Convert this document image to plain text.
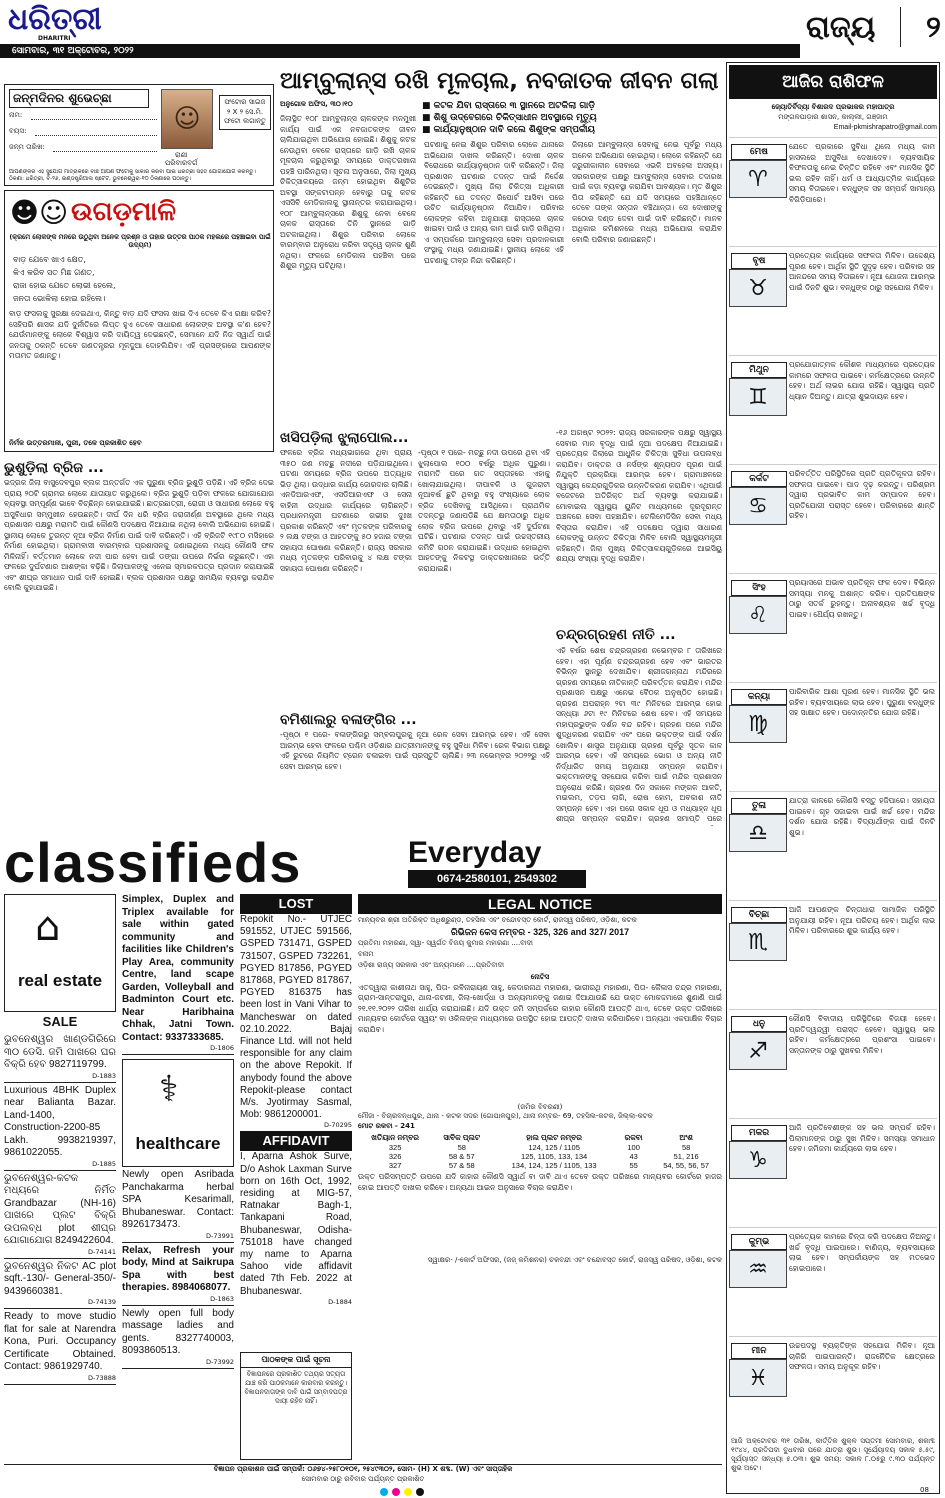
ଧରିତ୍ରୀ
DHARITRI	ରାଜ୍ୟ ୨
ସୋମବାର, ୩୧ ଅକ୍ଟୋବର, ୨୦୨୨
ଜନ୍ମଦିନର ଶୁଭେଚ୍ଛା
ନାମ:
ବୟସ:
ଜନ୍ମ ତାରିଖ:
☺
ରାଣୀ
ପରିବାରବର୍ଗ
ଫଟୋର ସାଇଜ ୨ X ୨ ସେ.ମି. ଫଟୋ ଲଗାନ୍ତୁ
ଆପଣଙ୍କର ଏହି ସୁଯୋଗ ମାତ୍ରାକରେ ବାଛି ଆପଣ ଫଟୋକୁ ସାକାର କରିବା ପାଇଁ ଧରିତ୍ରୀ ସହିତ ଯୋଗାଯୋଗ କରନ୍ତୁ। ଠିକଣା: ଧରିତ୍ରୀ, ବି-୨୬, ଇଣ୍ଡଷ୍ଟ୍ରିଆଲ ଷ୍ଟେଟ, ଭୁବନେଶ୍ୱର-୧୦ ଠିକଣାରେ ପଠାନ୍ତୁ।
☻☺ ଉଗଡ଼ମାଳି
(କ୍ରମେ ଲୋକଙ୍କ ମନରେ ଉଠୁଥିବା ଅନେକ ପ୍ରଶ୍ନ ଓ ତାହାର ଉତ୍ତର ପାଠକ ମହଲରେ ପହଞ୍ଚାଇବା ପାଇଁ ଉଦ୍ୟମ)
ବାଡ଼ ଯେବେ ଖାଏ କ୍ଷେତ,
କିଏ କରିବ ସତ ମିଛ ଗଣତ,
ରାଜା ହୋଇ ଯେତେ ଲୋଭୀ ହେଲେ,
ଜନତା ଭୋକିଲା ହୋଇ ରହିଲେ।
ବାଡ଼ ଫସଲକୁ ସୁରକ୍ଷା ଦେଇଥାଏ, କିନ୍ତୁ ବାଡ଼ ଯଦି ଫସଲ ଖାଇ ଦିଏ ତେବେ କିଏ ରକ୍ଷା କରିବ? ସେହିପରି ଶାସକ ଯଦି ଦୁର୍ନୀତିରେ ଲିପ୍ତ ହୁଏ ତେବେ ସାଧାରଣ ଲୋକଙ୍କ ଅବସ୍ଥା କ'ଣ ହେବ? ଯେଉଁମାନଙ୍କୁ ଲୋକେ ବିଶ୍ୱାସ କରି ଦାୟିତ୍ୱ ଦେଇଛନ୍ତି, ସେମାନେ ଯଦି ନିଜ ସ୍ୱାର୍ଥ ପାଇଁ ଜନତାକୁ ଠକନ୍ତି ତେବେ ଗଣତନ୍ତ୍ରର ମୂଳଦୁଆ ଦୋହଲିଯିବ। ଏହି ପ୍ରସଙ୍ଗରେ ଆପଣଙ୍କ ମତାମତ ଜଣାନ୍ତୁ।
ନିର୍ମଳ ଉତ୍ତରମାଳୀ, ପୁରୀ, ତଳେ ପ୍ରକାଶିତ ହେବ
ଭୁଶୁଡ଼ିଲା ବ୍ରିଜ ...
ଭଦ୍ରକ ଜିଲା ବାସୁଦେବପୁର ବ୍ଲକ ଅନ୍ତର୍ଗତ ଏକ ପୁରୁଣା ବ୍ରିଜ ଭୁଶୁଡ଼ି ପଡ଼ିଛି। ଏହି ବ୍ରିଜ ଦେଇ ପ୍ରାୟ ୨୦ଟି ଗ୍ରାମର ଲୋକେ ଯାତାୟାତ କରୁଥିଲେ। ବ୍ରିଜ ଭୁଶୁଡ଼ି ପଡ଼ିବା ଫଳରେ ଯୋଗାଯୋଗ ବ୍ୟବସ୍ଥା ସମ୍ପୂର୍ଣ୍ଣ ଭାବେ ବିଚ୍ଛିନ୍ନ ହୋଇଯାଇଛି। ଛାତ୍ରଛାତ୍ରୀ, ରୋଗୀ ଓ ସାଧାରଣ ଲୋକେ ବହୁ ଅସୁବିଧାର ସମ୍ମୁଖୀନ ହେଉଛନ୍ତି। ଦୀର୍ଘ ଦିନ ଧରି ବ୍ରିଜ ଜରାଜୀର୍ଣ୍ଣ ଅବସ୍ଥାରେ ଥିଲେ ମଧ୍ୟ ପ୍ରଶାସନ ପକ୍ଷରୁ ମରାମତି ପାଇଁ କୌଣସି ପଦକ୍ଷେପ ନିଆଯାଇ ନଥିଲା ବୋଲି ଅଭିଯୋଗ ହୋଇଛି। ସ୍ଥାନୀୟ ଲୋକେ ତୁରନ୍ତ ନୂଆ ବ୍ରିଜ ନିର୍ମାଣ ପାଇଁ ଦାବି କରିଛନ୍ତି। ଏହି ବ୍ରିଜଟି ୧୯୮୦ ମସିହାରେ ନିର୍ମାଣ ହୋଇଥିଲା। ଗ୍ରାମବାସୀ ବାରମ୍ବାର ପ୍ରଶାସନକୁ ଜଣାଇଥିଲେ ମଧ୍ୟ କୌଣସି ଫଳ ମିଳିନାହିଁ। ବର୍ତ୍ତମାନ ଲୋକେ ନଦୀ ପାର ହେବା ପାଇଁ ଡଙ୍ଗା ଉପରେ ନିର୍ଭର କରୁଛନ୍ତି। ଏହା ଫଳରେ ଦୁର୍ଘଟଣାର ଆଶଙ୍କା ବଢ଼ିଛି। ଜିଲାପାଳଙ୍କୁ ଏନେଇ ସ୍ମାରକପତ୍ର ପ୍ରଦାନ କରାଯାଇଛି ଏବଂ ଶୀଘ୍ର ସମାଧାନ ପାଇଁ ଦାବି ହୋଇଛି। ବ୍ଲକ ପ୍ରଶାସନ ପକ୍ଷରୁ ସାମୟିକ ବ୍ୟବସ୍ଥା କରାଯିବ ବୋଲି କୁହାଯାଇଛି।
ଆମ୍ବୁଲାନ୍ସ ରଖି ମୂଳଚାଲ, ନବଜାତକ ଜୀବନ ଗଲା
ଅନୁଗୋଳ ଅଫିସ, ୩୦।୧୦	■ କଟକ ଯିବା ରାସ୍ତାରେ ୩ ସ୍ଥାନରେ ଅଟକିଲା ଗାଡ଼ି
■ ଶିଶୁ ଉଦ୍‌ବେଗରେ ଚିକିତ୍ସାଧୀନ ଅବସ୍ଥାରେ ମୃତ୍ୟୁ
■ କାର୍ଯ୍ୟାନୁଷ୍ଠାନ ଦାବି କଲେ ଶିଶୁଙ୍କ ସମ୍ପର୍କୀୟ
ଜିଲାସ୍ଥିତ ୧୦୮ ଆମ୍ବୁଲାନ୍ସ ଚାଳକଙ୍କ ମନମୁଖୀ କାର୍ଯ୍ୟ ପାଇଁ ଏକ ନବଜାତକଙ୍କ ଜୀବନ ଚାଲିଯାଇଥିବା ଅଭିଯୋଗ ହୋଇଛି। ଶିଶୁକୁ କଟକ ନେଉଥିବା ବେଳେ ରାସ୍ତାରେ ଗାଡ଼ି ରଖି ଚାଳକ ମୂଳଚାଲ କରୁଥିବାରୁ ସମୟରେ ଡାକ୍ତରଖାନା ପହଞ୍ଚି ପାରିନଥିଲା। ସୂଚନା ଅନୁସାରେ, ଜିଲା ମୁଖ୍ୟ ଚିକିତ୍ସାଳୟରେ ଜନ୍ମ ହୋଇଥିବା ଶିଶୁଟିର ଅବସ୍ଥା ସଙ୍କଟାପନ୍ନ ହେବାରୁ ତାକୁ କଟକ ଏସସିବି ମେଡିକାଲକୁ ସ୍ଥାନାନ୍ତର କରାଯାଇଥିଲା। ୧୦୮ ଆମ୍ବୁଲାନ୍ସରେ ଶିଶୁକୁ ନେବା ବେଳେ ଚାଳକ ରାସ୍ତାରେ ତିନି ସ୍ଥାନରେ ଗାଡ଼ି ଅଟକାଇଥିଲା। ଶିଶୁର ପରିବାର ଲୋକେ ବାରମ୍ବାର ଅନୁରୋଧ କରିବା ସତ୍ତ୍ୱେ ଚାଳକ ଶୁଣି ନଥିଲା। ଫଳରେ ମେଡିକାଲ ପହଞ୍ଚିବା ପରେ ଶିଶୁର ମୃତ୍ୟୁ ଘଟିଥିଲା।
ଘଟଣାକୁ ନେଇ ଶିଶୁର ପରିବାର ଲୋକେ ଥାନାରେ ଅଭିଯୋଗ ଦାଖଲ କରିଛନ୍ତି। ଦୋଷୀ ଚାଳକ ବିରୋଧରେ କାର୍ଯ୍ୟାନୁଷ୍ଠାନ ଦାବି କରିଛନ୍ତି। ଜିଲା ପ୍ରଶାସନ ଘଟଣାର ତଦନ୍ତ ପାଇଁ ନିର୍ଦ୍ଦେଶ ଦେଇଛନ୍ତି। ମୁଖ୍ୟ ଜିଲା ଚିକିତ୍ସା ଅଧିକାରୀ କହିଛନ୍ତି ଯେ ତଦନ୍ତ ରିପୋର୍ଟ ଆସିବା ପରେ ଉଚିତ କାର୍ଯ୍ୟାନୁଷ୍ଠାନ ନିଆଯିବ। ପରିବାର ଲୋକଙ୍କ କହିବା ଅନୁଯାୟୀ ରାସ୍ତାରେ ଚାଳକ ଖାଇବା ପାଇଁ ଓ ଅନ୍ୟ କାମ ପାଇଁ ଗାଡ଼ି ରଖିଥିଲା। ଏ ସମ୍ପର୍କରେ ଆମ୍ବୁଲାନ୍ସ ସେବା ପ୍ରଦାନକାରୀ ସଂସ୍ଥାକୁ ମଧ୍ୟ ଜଣାଯାଇଛି। ସ୍ଥାନୀୟ ଲୋକେ ଏହି ଘଟଣାକୁ ତୀବ୍ର ନିନ୍ଦା କରିଛନ୍ତି।
ଜିଲାରେ ଆମ୍ବୁଲାନ୍ସ ସେବାକୁ ନେଇ ପୂର୍ବରୁ ମଧ୍ୟ ଅନେକ ଅଭିଯୋଗ ହୋଇଥିଲା। ଲୋକେ କହିଛନ୍ତି ଯେ ଜରୁରୀକାଳୀନ ସେବାରେ ଏଭଳି ଅବହେଳା ଅସହ୍ୟ। ସରକାରଙ୍କ ପକ୍ଷରୁ ଆମ୍ବୁଲାନ୍ସ ସେବାର ତଦାରଖ ପାଇଁ କଡ଼ା ବ୍ୟବସ୍ଥା କରାଯିବା ଆବଶ୍ୟକ। ମୃତ ଶିଶୁର ପିତା କହିଛନ୍ତି ଯେ ଯଦି ସମୟରେ ପହଞ୍ଚିଥାନ୍ତେ ତେବେ ତାଙ୍କ ସନ୍ତାନ ବଞ୍ଚିଥାନ୍ତା। ସେ ଦୋଷୀଙ୍କୁ କଠୋର ଦଣ୍ଡ ଦେବା ପାଇଁ ଦାବି କରିଛନ୍ତି। ମାନବ ଅଧିକାର କମିଶନରେ ମଧ୍ୟ ଅଭିଯୋଗ କରାଯିବ ବୋଲି ପରିବାର ଜଣାଇଛନ୍ତି।
ଖସିପଡ଼ିଲା ଝୁଲାପୋଲ...
ଫଳରେ ବ୍ରିଜ ମଧ୍ୟଭାଗରେ ଥିବା ପ୍ରାୟ ୩୫୦ ଜଣ ମଚ୍ଛୁ ନଦୀରେ ପଡ଼ିଯାଇଥିଲେ। ଘଟଣା ସମୟରେ ବ୍ରିଜ ଉପରେ ଅତ୍ୟଧିକ ଭିଡ଼ ଥିଲା। ଉଦ୍ଧାର କାର୍ଯ୍ୟ ଜୋରଦାର ଚାଲିଛି। ଏନଡିଆରଏଫ, ଏସଡିଆରଏଫ ଓ ସେନା ବାହିନୀ ଉଦ୍ଧାର କାର୍ଯ୍ୟରେ ଲାଗିଛନ୍ତି। ପ୍ରଧାନମନ୍ତ୍ରୀ ଘଟଣାରେ ଗଭୀର ଦୁଃଖ ପ୍ରକାଶ କରିଛନ୍ତି ଏବଂ ମୃତକଙ୍କ ପରିବାରକୁ ୨ ଲକ୍ଷ ଟଙ୍କା ଓ ଆହତଙ୍କୁ ୫୦ ହଜାର ଟଙ୍କା ସହାୟତା ଘୋଷଣା କରିଛନ୍ତି। ରାଜ୍ୟ ସରକାର ମଧ୍ୟ ମୃତକଙ୍କ ପରିବାରକୁ ୪ ଲକ୍ଷ ଟଙ୍କା ସହାୟତା ଘୋଷଣା କରିଛନ୍ତି।
-ପୃଷ୍ଠା ୧ ପରେ- ମଚ୍ଛୁ ନଦୀ ଉପରେ ଥିବା ଏହି ଝୁଲାପୋଲ ୧୦୦ ବର୍ଷରୁ ଅଧିକ ପୁରୁଣା। ମରାମତି ପରେ ଗତ ସପ୍ତାହରେ ଏହାକୁ ଖୋଲାଯାଇଥିଲା। ଦୀପାବଳି ଓ ଗୁଜରାଟୀ ନୂଆବର୍ଷ ଛୁଟି ଥିବାରୁ ବହୁ ସଂଖ୍ୟାରେ ଲୋକ ବ୍ରିଜ ଦେଖିବାକୁ ଆସିଥିଲେ। ପ୍ରାଥମିକ ତଦନ୍ତରୁ ଜଣାପଡ଼ିଛି ଯେ କ୍ଷମତାଠାରୁ ଅଧିକ ଲୋକ ବ୍ରିଜ ଉପରେ ଥିବାରୁ ଏହି ଦୁର୍ଘଟଣା ଘଟିଛି। ଘଟଣାର ତଦନ୍ତ ପାଇଁ ଉଚ୍ଚସ୍ତରୀୟ କମିଟି ଗଠନ କରାଯାଇଛି। ଉଦ୍ଧାର ହୋଇଥିବା ଆହତଙ୍କୁ ନିକଟସ୍ଥ ଡାକ୍ତରଖାନାରେ ଭର୍ତ୍ତି କରାଯାଇଛି।
ବମିଶାଲରୁ ବଳାଙ୍ଗିର ...
-ପୃଷ୍ଠା ୧ ପରେ- ବଳାଙ୍ଗିରରୁ ସମ୍ବଲପୁରକୁ ନୂଆ ରେଳ ସେବା ଆରମ୍ଭ ହେବ। ଏହି ସେବା ଆରମ୍ଭ ହେବା ଫଳରେ ପଶ୍ଚିମ ଓଡ଼ିଶାର ଯାତ୍ରୀମାନଙ୍କୁ ବହୁ ସୁବିଧା ମିଳିବ। ରେଳ ବିଭାଗ ପକ୍ଷରୁ ଏହି ରୁଟରେ ନିୟମିତ ଟ୍ରେନ ଚଳାଇବା ପାଇଁ ପ୍ରସ୍ତୁତି ଚାଲିଛି। ୨୩ ନଭେମ୍ବର ୨୦୨୨ରୁ ଏହି ସେବା ଆରମ୍ଭ ହେବ।
-୧୬ ଅଗଷ୍ଟ ୨୦୨୨: ରାଜ୍ୟ ସରକାରଙ୍କ ପକ୍ଷରୁ ସ୍ୱାସ୍ଥ୍ୟ ସେବାର ମାନ ବୃଦ୍ଧି ପାଇଁ ନୂଆ ପଦକ୍ଷେପ ନିଆଯାଇଛି। ପ୍ରତ୍ୟେକ ଜିଲାରେ ଆଧୁନିକ ଚିକିତ୍ସା ସୁବିଧା ଉପଲବ୍ଧ କରାଯିବ। ଡାକ୍ତର ଓ ନର୍ସଙ୍କ ଶୂନ୍ୟପଦ ପୂରଣ ପାଇଁ ନିଯୁକ୍ତି ପ୍ରକ୍ରିୟା ଆରମ୍ଭ ହେବ। ଗ୍ରାମାଞ୍ଚଳରେ ସ୍ୱାସ୍ଥ୍ୟ କେନ୍ଦ୍ରଗୁଡ଼ିକର ଉନ୍ନତିକରଣ କରାଯିବ। ଏଥିପାଇଁ ବଜେଟରେ ଅତିରିକ୍ତ ଅର୍ଥ ବ୍ୟବସ୍ଥା କରାଯାଇଛି। ମୋବାଇଲ ସ୍ୱାସ୍ଥ୍ୟ ୟୁନିଟ ମାଧ୍ୟମରେ ଦୂରଦୂରାନ୍ତ ଅଞ୍ଚଳରେ ସେବା ପହଞ୍ଚାଯିବ। ଟେଲିମେଡିସିନ ସେବା ମଧ୍ୟ ବିସ୍ତାର କରାଯିବ। ଏହି ପଦକ୍ଷେପ ଦ୍ୱାରା ସାଧାରଣ ଲୋକଙ୍କୁ ଉନ୍ନତ ଚିକିତ୍ସା ମିଳିବ ବୋଲି ସ୍ୱାସ୍ଥ୍ୟମନ୍ତ୍ରୀ କହିଛନ୍ତି। ଜିଲା ମୁଖ୍ୟ ଚିକିତ୍ସାଳୟଗୁଡ଼ିକରେ ଆଇସିୟୁ ଶଯ୍ୟା ସଂଖ୍ୟା ବୃଦ୍ଧି କରାଯିବ।
ଚନ୍ଦ୍ରଗ୍ରହଣ ନୀତି ...
ଏହି ବର୍ଷର ଶେଷ ଚନ୍ଦ୍ରଗ୍ରହଣ ନଭେମ୍ବର ୮ ତାରିଖରେ ହେବ। ଏହା ପୂର୍ଣ୍ଣ ଚନ୍ଦ୍ରଗ୍ରହଣ ହେବ ଏବଂ ଭାରତର ବିଭିନ୍ନ ସ୍ଥାନରୁ ଦେଖାଯିବ। ଶ୍ରୀଜଗନ୍ନାଥ ମନ୍ଦିରରେ ଗ୍ରହଣ ସମୟରେ ନୀତିକାନ୍ତି ପରିବର୍ତ୍ତନ କରାଯିବ। ମନ୍ଦିର ପ୍ରଶାସନ ପକ୍ଷରୁ ଏନେଇ ବୈଠକ ଅନୁଷ୍ଠିତ ହୋଇଛି। ଗ୍ରହଣ ଅପରାହ୍ନ ୨ଟା ୩୯ ମିନିଟରେ ଆରମ୍ଭ ହୋଇ ସନ୍ଧ୍ୟା ୬ଟା ୧୯ ମିନିଟରେ ଶେଷ ହେବ। ଏହି ସମୟରେ ମହାପ୍ରଭୁଙ୍କ ଦର୍ଶନ ବନ୍ଦ ରହିବ। ଗ୍ରହଣ ପରେ ମନ୍ଦିର ଶୁଦ୍ଧିକରଣ କରାଯିବ ଏବଂ ପରେ ଭକ୍ତଙ୍କ ପାଇଁ ଦର୍ଶନ ଖୋଲିବ। ଶାସ୍ତ୍ର ଅନୁଯାୟୀ ଗ୍ରହଣ ପୂର୍ବରୁ ସୂତକ କାଳ ଆରମ୍ଭ ହେବ। ଏହି ସମୟରେ ଭୋଗ ଓ ଅନ୍ୟ ନୀତି ନିର୍ଦ୍ଧାରିତ ସମୟ ଅନୁଯାୟୀ ସମ୍ପନ୍ନ କରାଯିବ। ଭକ୍ତମାନଙ୍କୁ ସହଯୋଗ କରିବା ପାଇଁ ମନ୍ଦିର ପ୍ରଶାସନ ଅନୁରୋଧ କରିଛି। ଗ୍ରହଣ ଦିନ ସକାଳେ ମଙ୍ଗଳ ଆଳତି, ମଇଲମ, ତଡ଼ପ ଲାଗି, ରୋଷ ହୋମ, ଅବକାଶ ନୀତି ସମ୍ପନ୍ନ ହେବ। ଏହା ପରେ ସକାଳ ଧୂପ ଓ ମଧ୍ୟାହ୍ନ ଧୂପ ଶୀଘ୍ର ସମ୍ପନ୍ନ କରାଯିବ। ଗ୍ରହଣ ସମାପ୍ତି ପରେ
ଆଜିର ରାଶିଫଳ
ଜ୍ୟୋତିର୍ବିଦ୍ୟା ବିଶାରଦ ପ୍ରଭାକର ମହାପାତ୍ର
ମଙ୍ଗଳପାଡ଼ାର ଶାସନ, କାଲ୍ଲୀ, ଗଞ୍ଜାମ
Email-pkmishrapatro@gmail.com
ମେଷ
♈
ଯେତେ ପ୍ରକାରେ ସୁବିଧା ଥିଲେ ମଧ୍ୟ କାମ ହାସଲରେ ଅସୁବିଧା ଦେଖାଦେବ। ବ୍ୟବସାୟିକ ବିଫଳତାକୁ ନେଇ ଚିନ୍ତିତ ରହିବେ ଏବଂ ମାନସିକ ସ୍ଥିତି ଭଲ ରହିବ ନାହିଁ। ଧର୍ମ ଓ ଆଧ୍ୟାତ୍ମିକ କାର୍ଯ୍ୟରେ ସମୟ ବିତାଇବେ। ବନ୍ଧୁଙ୍କ ସହ ସମ୍ପର୍କ ସାମାନ୍ୟ ବିଗିଡ଼ିପାରେ।
ବୃଷ
♉
ପ୍ରତ୍ୟେକ କାର୍ଯ୍ୟରେ ସଫଳତା ମିଳିବ। ଉଦ୍ଦେଶ୍ୟ ପୂରଣ ହେବ। ଆର୍ଥିକ ସ୍ଥିତି ସୁଦୃଢ଼ ହେବ। ପରିବାର ସହ ଆନନ୍ଦରେ ସମୟ ବିତାଇବେ। ନୂଆ ଯୋଜନା ଆରମ୍ଭ ପାଇଁ ଦିନଟି ଶୁଭ। ବନ୍ଧୁଙ୍କ ଠାରୁ ସହଯୋଗ ମିଳିବ।
ମିଥୁନ
♊
ପ୍ରଯୋଗାତ୍ମକ କୌଶଳ ମାଧ୍ୟମରେ ପ୍ରତ୍ୟେକ କାମରେ ସଫଳତା ପାଇବେ। କର୍ମକ୍ଷେତ୍ରରେ ଉନ୍ନତି ହେବ। ଅର୍ଥ ଲାଭର ଯୋଗ ରହିଛି। ସ୍ୱାସ୍ଥ୍ୟ ପ୍ରତି ଧ୍ୟାନ ଦିଅନ୍ତୁ। ଯାତ୍ରା ଶୁଭଦାୟକ ହେବ।
କର୍କଟ
♋
ପରିବର୍ତ୍ତିତ ପରିସ୍ଥିତିରେ ପ୍ରତି ପ୍ରତିକୂଳତା ରହିବ। ସଫଳତା ପାଇବେ। ପାଦ ଦୃଢ଼ କରନ୍ତୁ। ପରିଶ୍ରମ ଦ୍ୱାରା ପ୍ରଭାବିତ କାମ ସମ୍ପାଦନ ହେବ। ପ୍ରତିଯୋଗୀ ପରାସ୍ତ ହେବେ। ପରିବାରରେ ଶାନ୍ତି ରହିବ।
ସିଂହ
♌
ପ୍ରୟାସରେ ଅଭାବ ପ୍ରତିକୂଳ ଫଳ ଦେବ। ବିଭିନ୍ନ ସମସ୍ୟା ମନକୁ ଅଶାନ୍ତ କରିବ। ପ୍ରତିପକ୍ଷଙ୍କ ଠାରୁ ସତର୍କ ରୁହନ୍ତୁ। ଅନାବଶ୍ୟକ ଖର୍ଚ୍ଚ ବୃଦ୍ଧି ପାଇବ। ଧୈର୍ଯ୍ୟ ରଖନ୍ତୁ।
କନ୍ୟା
♍
ପାରିବାରିକ ଆଶା ପୂରଣ ହେବ। ମାନସିକ ସ୍ଥିତି ଭଲ ରହିବ। ବ୍ୟବସାୟରେ ଲାଭ ହେବ। ପୁରୁଣା ବନ୍ଧୁଙ୍କ ସହ ସାକ୍ଷାତ ହେବ। ପଦୋନ୍ନତିର ଯୋଗ ରହିଛି।
ତୁଳା
♎
ଯାତ୍ରା କାଳରେ କୌଣସି ବସ୍ତୁ ହଜିପାରେ। ସହାୟତା ପାଇବେ। ଗୃହ ସଜାଇବା ପାଇଁ ଖର୍ଚ୍ଚ ହେବ। ମନ୍ଦିର ଦର୍ଶନ ଯୋଗ ରହିଛି। ବିଦ୍ୟାର୍ଥୀଙ୍କ ପାଇଁ ଦିନଟି ଶୁଭ।
ବିଚ୍ଛା
♏
ଆଜି ଆପଣଙ୍କ ଚିନ୍ତାଧାରା ସାମାଜିକ ପରିସ୍ଥିତି ଅନୁଯାୟୀ ରହିବ। ନୂଆ ପରିଚୟ ହେବ। ଆର୍ଥିକ ଲାଭ ମିଳିବ। ପରିବାରରେ ଶୁଭ କାର୍ଯ୍ୟ ହେବ।
ଧନୁ
♐
କୌଣସି ବିବାଦୀୟ ପରିସ୍ଥିତିରେ ବିଜୟୀ ହେବେ। ପ୍ରତିଦ୍ୱନ୍ଦ୍ୱୀ ପରାସ୍ତ ହେବେ। ସ୍ୱାସ୍ଥ୍ୟ ଭଲ ରହିବ। କର୍ମକ୍ଷେତ୍ରରେ ପ୍ରଶଂସା ପାଇବେ। ସନ୍ତାନଙ୍କ ଠାରୁ ସୁଖବର ମିଳିବ।
ମକର
♑
ଆଜି ପ୍ରତିବେଶୀଙ୍କ ସହ ଭଲ ସମ୍ପର୍କ ରହିବ। ପିଲାମାନଙ୍କ ଠାରୁ ସୁଖ ମିଳିବ। ସମସ୍ୟା ସମାଧାନ ହେବ। ଜମିଜମା କାର୍ଯ୍ୟରେ ଲାଭ ହେବ।
କୁମ୍ଭ
♒
ପ୍ରତ୍ୟେକ କାମରେ ଚିନ୍ତା କରି ପଦକ୍ଷେପ ନିଅନ୍ତୁ। ଖର୍ଚ୍ଚ ବୃଦ୍ଧି ପାଇପାରେ। ବାଣିଜ୍ୟ, ବ୍ୟବସାୟରେ ଲାଭ ହେବ। ସମ୍ପର୍କୀୟଙ୍କ ସହ ମତଭେଦ ହୋଇପାରେ।
ମୀନ
♓
ଉଚ୍ଚପଦସ୍ଥ ବ୍ୟକ୍ତିଙ୍କ ସହଯୋଗ ମିଳିବ। ନୂଆ ଚାକିରି ପାଇପାରନ୍ତି। ରାଜନୈତିକ କ୍ଷେତ୍ରରେ ସଫଳତା। ସମୟ ଅନୁକୂଳ ରହିବ।
ଆଜି ଅକ୍ଟୋବର ୩୧ ତାରିଖ, କାର୍ତ୍ତିକ ଶୁକ୍ଳ ସପ୍ତମୀ ସୋମବାର, ଶକାବ୍ଦ ୧୯୪୪, ପ୍ରତିପଦା ବୁଧବାର ପରେ ଯାତ୍ରା ଶୁଭ। ସୂର୍ଯ୍ୟୋଦୟ ସକାଳ ୫.୫୯, ସୂର୍ଯ୍ୟାସ୍ତ ସନ୍ଧ୍ୟା ୫.୦୩। ଶୁଭ ସମୟ: ସକାଳ ୮.୦୫ରୁ ୯.୩୦ ପର୍ଯ୍ୟନ୍ତ ଶୁଭ ଅଟେ।
classifieds	Everyday
0674-2580101, 2549302
⌂
real estate
SALE
ଭୁବନେଶ୍ୱର ଖାଣ୍ଡଗିରିରେ ୩୦ ଡେସି. ଜମି ପାଖରେ ଘର ବିକ୍ରି ହେବ 9827119799.
D-1883
Luxurious 4BHK Duplex near Balianta Bazar. Land-1400, Construction-2200-85 Lakh. 9938219397, 9861022055.
D-1885
ଭୁବନେଶ୍ୱର-କଟକ ମଧ୍ୟରେ ନିର୍ମିତ Grandbazar (NH-16) ପାଖରେ ପ୍ଲଟ ବିକ୍ରି ଉପଲବ୍ଧ plot ଶୀଘ୍ର ଯୋଗାଯୋଗ 8249422604.
D-74141
ଭୁବନେଶ୍ୱର ନିକଟ AC plot sqft.-130/- General-350/- 9439660381.
D-74139
Ready to move studio flat for sale at Narendra Kona, Puri. Occupancy Certificate Obtained. Contact: 9861929740.
D-73888
Simplex, Duplex and Triplex available for sale within gated community and facilities like Children's Play Area, community Centre, land scape Garden, Volleyball and Badminton Court etc. Near Haribhaina Chhak, Jatni Town. Contact: 9337333685.
D-1806
⚕
healthcare
Newly open Asribada Panchakarma herbal SPA Kesarimall, Bhubaneswar. Contact: 8926173473.
D-73991
Relax, Refresh your body, Mind at Saikrupa Spa with best therapies. 8984068077.
D-1863
Newly open full body massage ladies and gents. 8327740003, 8093860513.
D-73992
LOST
Repokit No.- UTJEC 591552, UTJEC 591566, GSPED 731471, GSPED 731507, GSPED 732261, PGYED 817856, PGYED 817868, PGYED 817867, PGYED 816375 has been lost in Vani Vihar to Mancheswar on dated 02.10.2022. Bajaj Finance Ltd. will not held responsible for any claim on the above Repokit. If anybody found the above Repokit-please contact M/s. Jyotirmay Sasmal, Mob: 9861200001.
D-70295
AFFIDAVIT
I, Aparna Ashok Surve, D/o Ashok Laxman Surve born on 16th Oct, 1992, residing at MIG-57, Ratnakar Bagh-1, Tankapani Road, Bhubaneswar, Odisha-751018 have changed my name to Aparna Sahoo vide affidavit dated 7th Feb. 2022 at Bhubaneswar.
D-1884
ପାଠକଙ୍କ ପାଇଁ ସୂଚନା
ବିଜ୍ଞାପନରେ ପ୍ରକାଶିତ ତଥ୍ୟର ସତ୍ୟତା ଯାଞ୍ଚ କରି ପାଠକମାନେ କାରବାର କରନ୍ତୁ। ବିଜ୍ଞାପନଦାତାଙ୍କ ଦାବି ପାଇଁ ସମ୍ବାଦପତ୍ର ଦାୟୀ ରହିବ ନାହିଁ।
LEGAL NOTICE
ମାନ୍ୟବର ଶ୍ରୀ ଅତିରିକ୍ତ ଅଧିଶ୍ରୁଣ୍ଡ, ତହସିଲ ଏବଂ ବନ୍ଦୋବସ୍ତ କୋର୍ଟ, ରାଜସ୍ୱ ପରିଷଦ, ଓଡ଼ିଶା, କଟକ
ରିଭିଜନ କେସ ନମ୍ବର - 325, 326 and 327/ 2017
ପ୍ରତିମା ମହାରଣା, ସ୍ୱା- ସ୍ୱର୍ଗତ ବିଜୟ କୁମାର ମହାରଣା ....ବାଦୀ
ବନାମ
ଓଡ଼ିଶା ରାଜ୍ୟ ସରକାର ଏବଂ ଅନ୍ୟମାନେ ....ପ୍ରତିବାଦୀ
ନୋଟିସ
ଏତଦ୍ୱାରା କାଶୀନାଥ ସାହୁ, ପିତା- ରବିନାରାୟଣ ସାହୁ, କେଦାରନାଥ ମହାରଣା, ଭାଗୀରଥି ମହାରଣା, ପିତା- କୈଳାସ ଚନ୍ଦ୍ର ମହାରଣା, ଗ୍ରାମ-ସାନ୍ତରାପୁର, ଥାନା-ଜଟଣୀ, ଜିଲା-ଖୋର୍ଦ୍ଧା ଓ ଅନ୍ୟମାନଙ୍କୁ ଜଣାଇ ଦିଆଯାଉଛି ଯେ ଉକ୍ତ ମୋକଦ୍ଦମାରେ ଶୁଣାଣି ପାଇଁ ୨୧.୧୧.୨୦୨୨ ତାରିଖ ଧାର୍ଯ୍ୟ କରାଯାଇଛି। ଯଦି ଉକ୍ତ ଜମି ସମ୍ପର୍କରେ କାହାର କୌଣସି ଆପତ୍ତି ଥାଏ, ତେବେ ଉକ୍ତ ତାରିଖରେ ମାନ୍ୟବର କୋର୍ଟରେ ସ୍ୱୟଂ ବା ଓକିଲଙ୍କ ମାଧ୍ୟମରେ ଉପସ୍ଥିତ ହୋଇ ଆପତ୍ତି ଦାଖଲ କରିପାରିବେ। ଅନ୍ୟଥା ଏକପାକ୍ଷିକ ବିଚାର କରାଯିବ।
(ଜମିର ବିବରଣୀ)
ମୌଜା - ବିଚାରବନ୍ଧପୁର, ଥାନା - କଟକ ସଦର (ଗୋପାଳପୁର), ଥାନା ନମ୍ବର- 69, ତହସିଲ-କଟକ, ଜିଲ୍ଲା-କଟକ
ମୋଟ ରକବା - 241
ଖତିୟାନ ନମ୍ବର	ସାବିକ ପ୍ଲଟ	ହାଲ ପ୍ଲଟ ନମ୍ବର	ରକବା	ଅଂଶ
325	58	124, 125 / 1105	100	58
326	58 & 57	125, 1105, 133, 134	43	51, 216
327	57 & 58	134, 124, 125 / 1105, 133	55	54, 55, 56, 57
ଉକ୍ତ ପରିସମ୍ପତ୍ତି ଉପରେ ଯଦି କାହାର କୌଣସି ସ୍ୱାର୍ଥ ବା ଦାବି ଥାଏ ତେବେ ଉକ୍ତ ତାରିଖରେ ମାନ୍ୟବର କୋର୍ଟରେ ହାଜର ହୋଇ ଆପତ୍ତି ଦାଖଲ କରିବେ। ଅନ୍ୟଥା ଆଇନ ଅନୁସାରେ ବିଚାର କରାଯିବ।
ସ୍ୱାକ୍ଷର- /-କୋର୍ଟ ଅଫିସର, (ଜଜ୍‌ କମିଶନର) ଚକବନ୍ଦୀ ଏବଂ ବନ୍ଦୋବସ୍ତ କୋର୍ଟ, ରାଜସ୍ୱ ପରିଷଦ, ଓଡ଼ିଶା, କଟକ
ବିଜ୍ଞାପନ ପ୍ରକାଶନ ପାଇଁ ସମ୍ପର୍କ: ୦୬୭୪-୨୫୮୦୧୦୧, ୨୫୪୯୩୦୨, ସୋମ- (H) X ଶବ୍ଦ. (W) ଏବଂ ସାପ୍ତାହିକ
ସୋମବାର ଠାରୁ ରବିବାର ପର୍ଯ୍ୟନ୍ତ ପ୍ରକାଶିତ
08
